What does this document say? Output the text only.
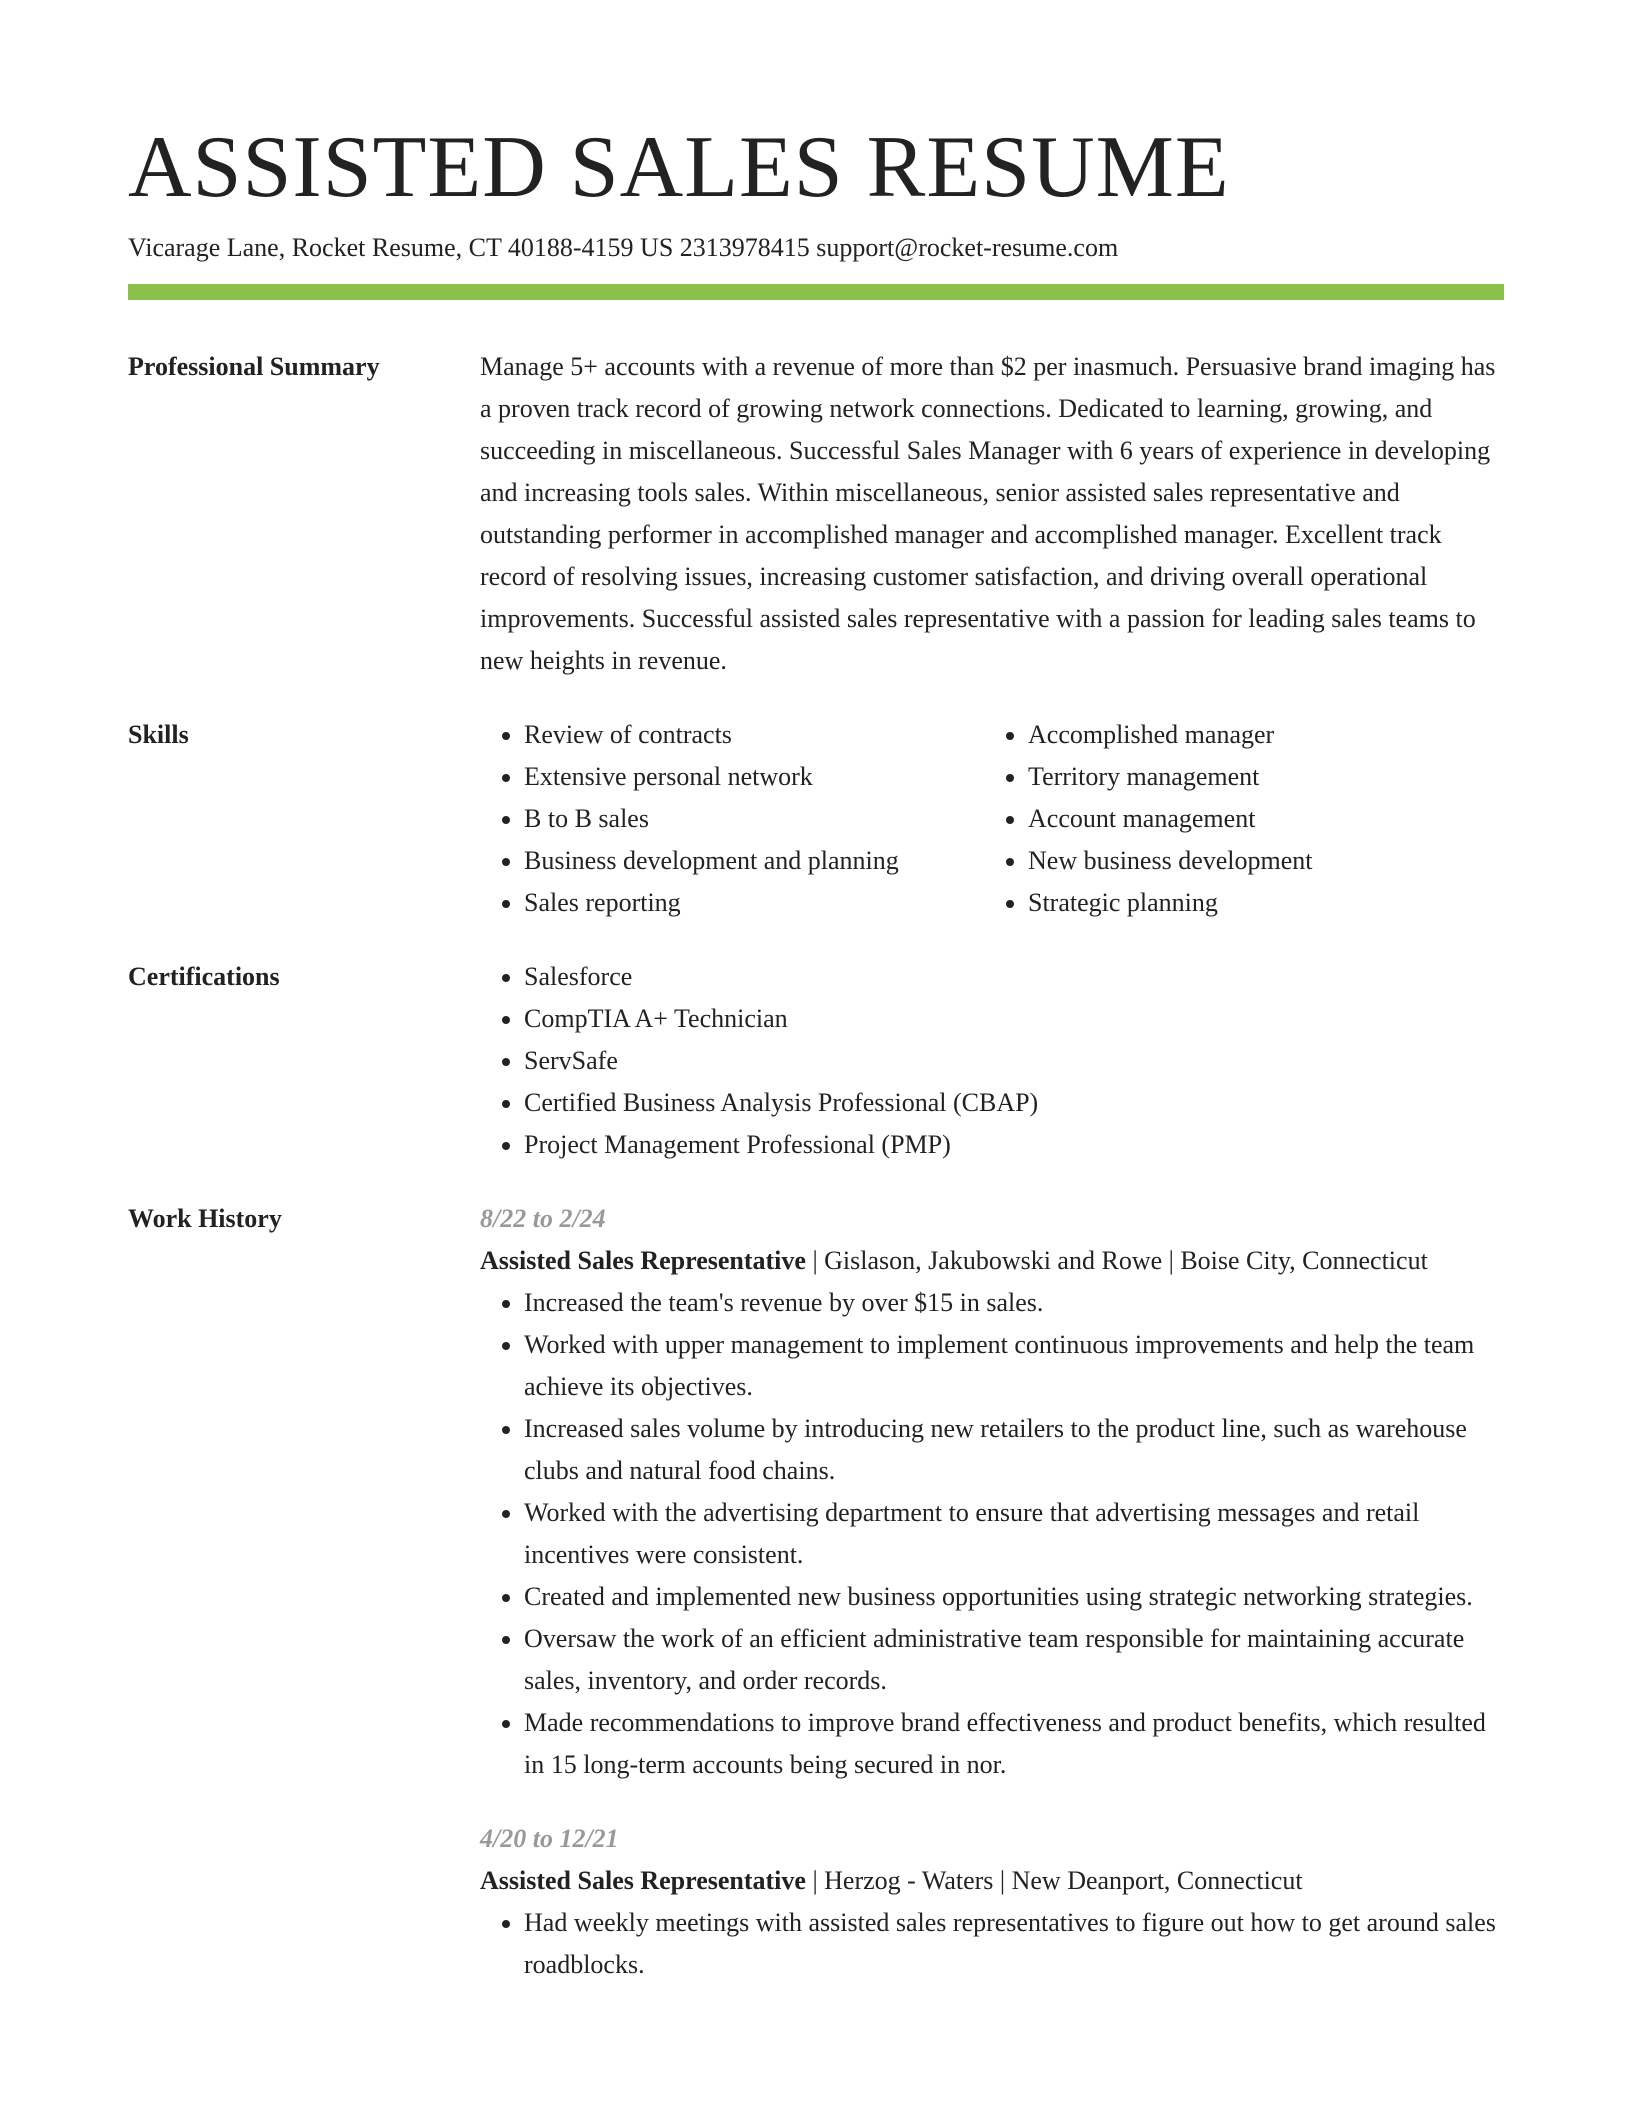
ASSISTED SALES RESUME
Vicarage Lane, Rocket Resume, CT 40188-4159 US 2313978415 support@rocket-resume.com
Professional Summary	Manage 5+ accounts with a revenue of more than $2 per inasmuch. Persuasive brand imaging has a proven track record of growing network connections. Dedicated to learning, growing, and succeeding in miscellaneous. Successful Sales Manager with 6 years of experience in developing and increasing tools sales. Within miscellaneous, senior assisted sales representative and outstanding performer in accomplished manager and accomplished manager. Excellent track record of resolving issues, increasing customer satisfaction, and driving overall operational improvements. Successful assisted sales representative with a passion for leading sales teams to new heights in revenue.
Skills	• Review of contracts
• Extensive personal network
• B to B sales
• Business development and planning
• Sales reporting
• Accomplished manager
• Territory management
• Account management
• New business development
• Strategic planning
Certifications	• Salesforce
• CompTIA A+ Technician
• ServSafe
• Certified Business Analysis Professional (CBAP)
• Project Management Professional (PMP)
Work History	8/22 to 2/24
Assisted Sales Representative | Gislason, Jakubowski and Rowe | Boise City, Connecticut
• Increased the team's revenue by over $15 in sales.
• Worked with upper management to implement continuous improvements and help the team achieve its objectives.
• Increased sales volume by introducing new retailers to the product line, such as warehouse clubs and natural food chains.
• Worked with the advertising department to ensure that advertising messages and retail incentives were consistent.
• Created and implemented new business opportunities using strategic networking strategies.
• Oversaw the work of an efficient administrative team responsible for maintaining accurate sales, inventory, and order records.
• Made recommendations to improve brand effectiveness and product benefits, which resulted in 15 long-term accounts being secured in nor.
4/20 to 12/21
Assisted Sales Representative | Herzog - Waters | New Deanport, Connecticut
• Had weekly meetings with assisted sales representatives to figure out how to get around sales roadblocks.
